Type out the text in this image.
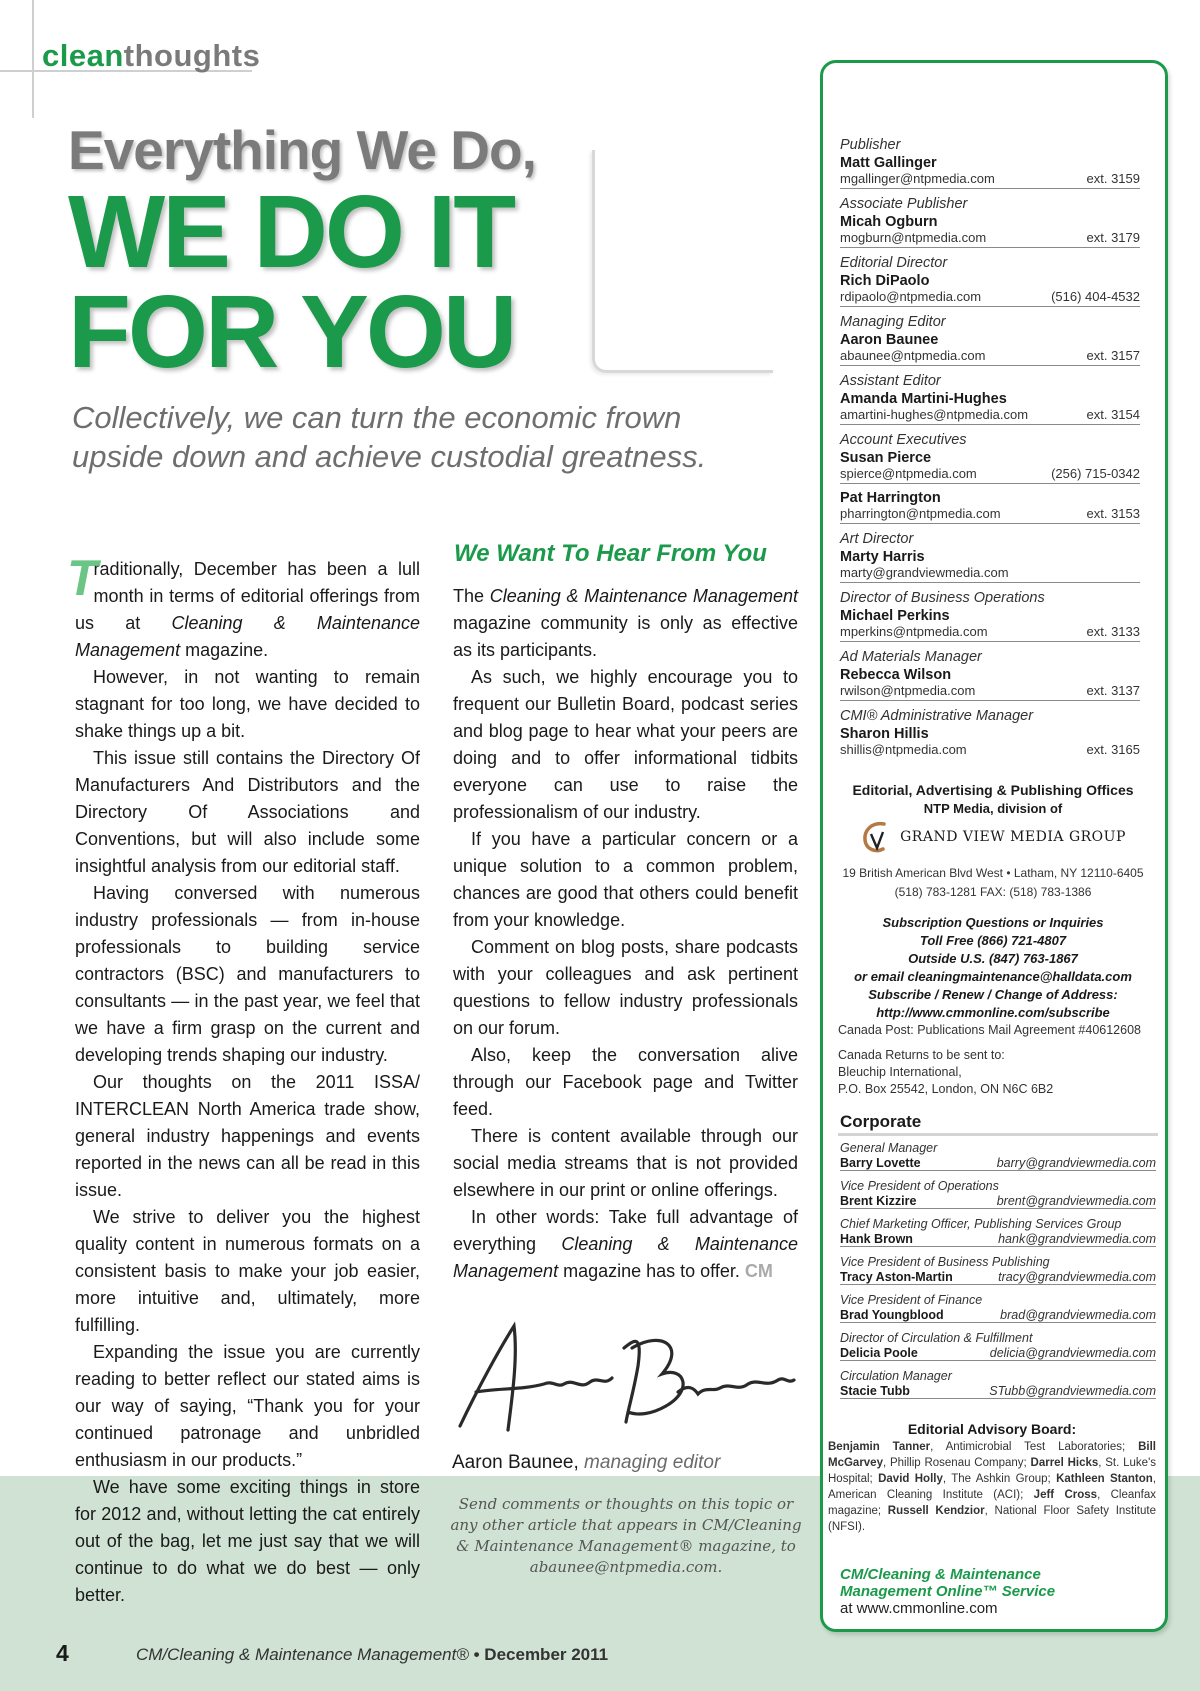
cleanthoughts
Everything We Do,
WE DO IT
FOR YOU
Collectively, we can turn the economic frown upside down and achieve custodial greatness.

T
raditionally, December has been a lull month in terms of editorial offerings from us at Cleaning & Maintenance Management magazine.

However, in not wanting to remain stagnant for too long, we have decided to shake things up a bit.

This issue still contains the Directory Of Manufacturers And Distributors and the Directory Of Associations and Conventions, but will also include some insightful analysis from our editorial staff.

Having conversed with numerous industry professionals — from in-house professionals to building service contractors (BSC) and manufacturers to consultants — in the past year, we feel that we have a firm grasp on the current and developing trends shaping our industry.

Our thoughts on the 2011 ISSA/ INTERCLEAN North America trade show, general industry happenings and events reported in the news can all be read in this issue.

We strive to deliver you the highest quality content in numerous formats on a consistent basis to make your job easier, more intuitive and, ultimately, more fulfilling.

Expanding the issue you are currently reading to better reflect our stated aims is our way of saying, “Thank you for your continued patronage and unbridled enthusiasm in our products.”

We have some exciting things in store for 2012 and, without letting the cat entirely out of the bag, let me just say that we will continue to do what we do best — only better.

We Want To Hear From You

The Cleaning & Maintenance Management magazine community is only as effective as its participants.

As such, we highly encourage you to frequent our Bulletin Board, podcast series and blog page to hear what your peers are doing and to offer informational tidbits everyone can use to raise the professionalism of our industry.

If you have a particular concern or a unique solution to a common problem, chances are good that others could benefit from your knowledge.

Comment on blog posts, share podcasts with your colleagues and ask pertinent questions to fellow industry professionals on our forum.

Also, keep the conversation alive through our Facebook page and Twitter feed.

There is content available through our social media streams that is not provided elsewhere in our print or online offerings.

In other words: Take full advantage of everything Cleaning & Maintenance Management magazine has to offer. CM

Aaron Baunee, managing editor
Send comments or thoughts on this topic or any other article that appears in CM/Cleaning & Maintenance Management® magazine, to abaunee@ntpmedia.com.
4	CM/Cleaning & Maintenance Management® • December 2011
Publisher
Matt Gallinger
mgallinger@ntpmedia.com	ext. 3159
Associate Publisher
Micah Ogburn
mogburn@ntpmedia.com	ext. 3179
Editorial Director
Rich DiPaolo
rdipaolo@ntpmedia.com	(516) 404-4532
Managing Editor
Aaron Baunee
abaunee@ntpmedia.com	ext. 3157
Assistant Editor
Amanda Martini-Hughes
amartini-hughes@ntpmedia.com	ext. 3154
Account Executives
Susan Pierce
spierce@ntpmedia.com	(256) 715-0342
Pat Harrington
pharrington@ntpmedia.com	ext. 3153
Art Director
Marty Harris
marty@grandviewmedia.com
Director of Business Operations
Michael Perkins
mperkins@ntpmedia.com	ext. 3133
Ad Materials Manager
Rebecca Wilson
rwilson@ntpmedia.com	ext. 3137
CMI® Administrative Manager
Sharon Hillis
shillis@ntpmedia.com	ext. 3165
Editorial, Advertising & Publishing Offices
NTP Media, division of
GRAND VIEW MEDIA GROUP
19 British American Blvd West • Latham, NY 12110-6405
(518) 783-1281 FAX: (518) 783-1386
Subscription Questions or Inquiries
Toll Free (866) 721-4807
Outside U.S. (847) 763-1867
or email cleaningmaintenance@halldata.com
Subscribe / Renew / Change of Address:
http://www.cmmonline.com/subscribe
Canada Post: Publications Mail Agreement #40612608
Canada Returns to be sent to:
Bleuchip International,
P.O. Box 25542, London, ON N6C 6B2
Corporate
General Manager
Barry Lovette	barry@grandviewmedia.com
Vice President of Operations
Brent Kizzire	brent@grandviewmedia.com
Chief Marketing Officer, Publishing Services Group
Hank Brown	hank@grandviewmedia.com
Vice President of Business Publishing
Tracy Aston-Martin	tracy@grandviewmedia.com
Vice President of Finance
Brad Youngblood	brad@grandviewmedia.com
Director of Circulation & Fulfillment
Delicia Poole	delicia@grandviewmedia.com
Circulation Manager
Stacie Tubb	STubb@grandviewmedia.com
Editorial Advisory Board:
Benjamin Tanner, Antimicrobial Test Laboratories; Bill McGarvey, Phillip Rosenau Company; Darrel Hicks, St. Luke's Hospital; David Holly, The Ashkin Group; Kathleen Stanton, American Cleaning Institute (ACI); Jeff Cross, Cleanfax magazine; Russell Kendzior, National Floor Safety Institute (NFSI).
CM/Cleaning & Maintenance
Management Online™ Service
at www.cmmonline.com
